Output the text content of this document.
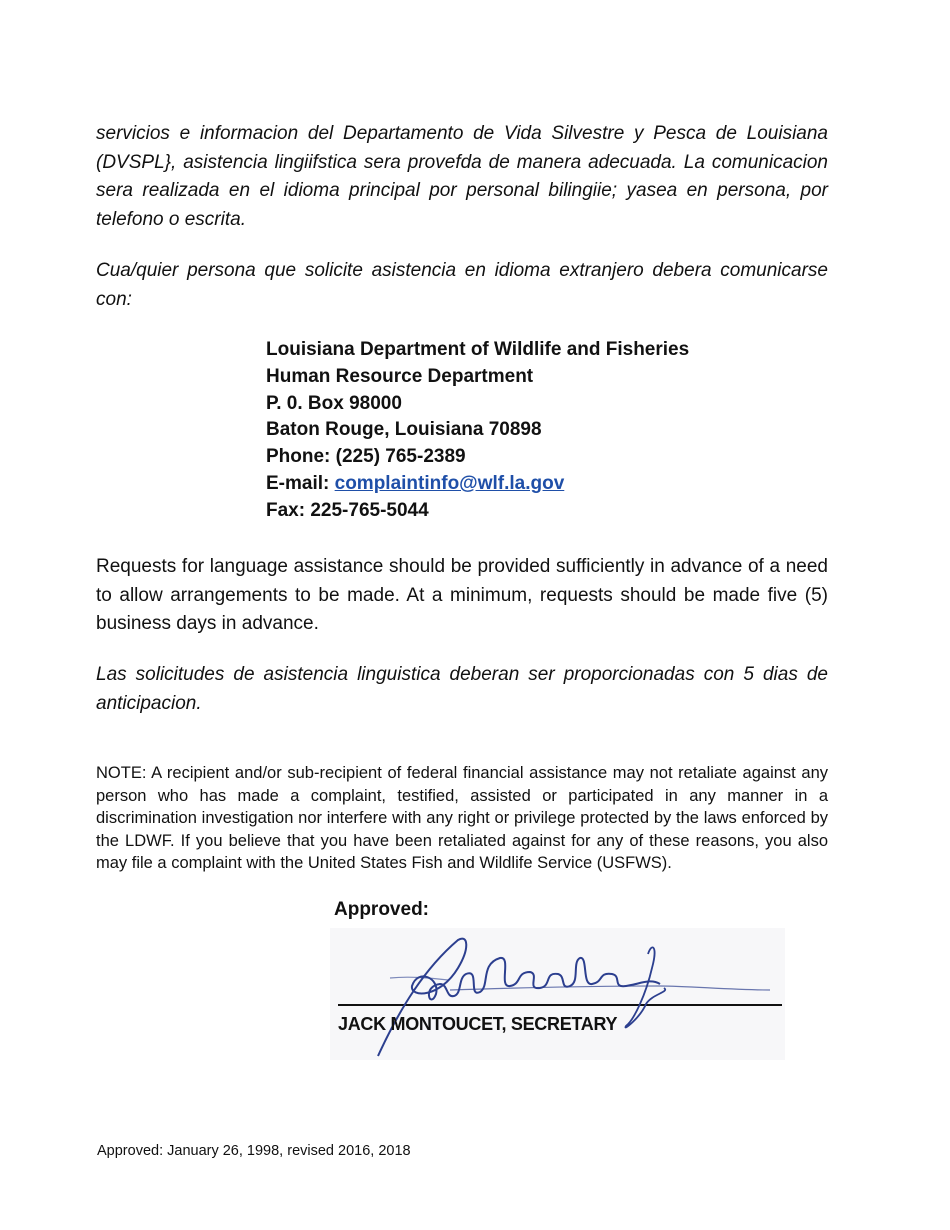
servicios e informacion del Departamento de Vida Silvestre y Pesca de Louisiana (DVSPL}, asistencia lingiifstica sera provefda de manera adecuada. La comunicacion sera realizada en el idioma principal por personal bilingiie; yasea en persona, por telefono o escrita.

Cua/quier persona que solicite asistencia en idioma extranjero debera comunicarse con:

Louisiana Department of Wildlife and Fisheries
Human Resource Department
P. 0. Box 98000
Baton Rouge, Louisiana 70898
Phone: (225) 765-2389
E-mail: complaintinfo@wlf.la.gov
Fax: 225-765-5044

Requests for language assistance should be provided sufficiently in advance of a need to allow arrangements to be made. At a minimum, requests should be made five (5) business days in advance.

Las solicitudes de asistencia linguistica deberan ser proporcionadas con 5 dias de anticipacion.

NOTE: A recipient and/or sub-recipient of federal financial assistance may not retaliate against any person who has made a complaint, testified, assisted or participated in any manner in a discrimination investigation nor interfere with any right or privilege protected by the laws enforced by the LDWF. If you believe that you have been retaliated against for any of these reasons, you also may file a complaint with the United States Fish and Wildlife Service (USFWS).

Approved:
JACK MONTOUCET, SECRETARY
Approved: January 26, 1998, revised 2016, 2018
